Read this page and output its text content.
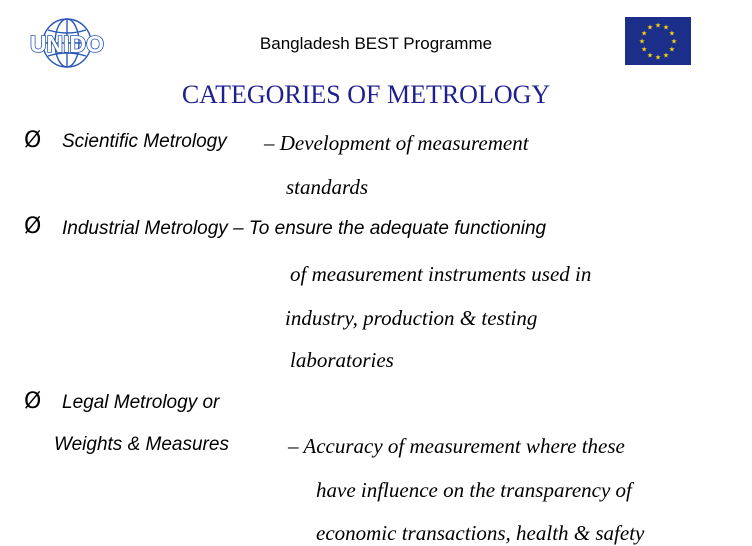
UNIDO	Bangladesh BEST Programme	★
★
★
★
★
★
★
★
★ ★ ★
★
CATEGORIES OF METROLOGY
Ø Scientific Metrology – Development of measurement
standards
Ø Industrial Metrology – To ensure the adequate functioning
of measurement instruments used in
industry, production & testing
laboratories
Ø Legal Metrology or
Weights & Measures	– Accuracy of measurement where these
have influence on the transparency of
economic transactions, health & safety
